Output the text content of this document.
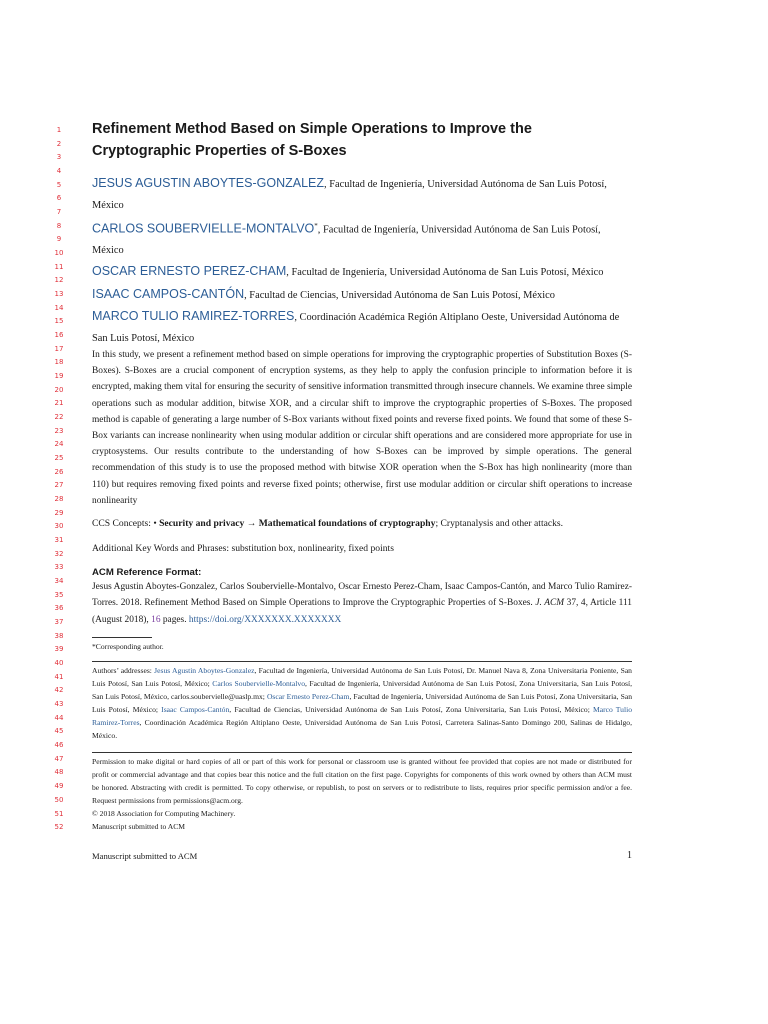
1
2
3
4
5
6
7
8
9
10
11
12
13
14
15
16
17
18
19
20
21
22
23
24
25
26
27
28
29
30
31
32
33
34
35
36
37
38
39
40
41
42
43
44
45
46
47
48
49
50
51
52
Refinement Method Based on Simple Operations to Improve the Cryptographic Properties of S-Boxes
JESUS AGUSTIN ABOYTES-GONZALEZ, Facultad de Ingeniería, Universidad Autónoma de San Luis Potosí, México
CARLOS SOUBERVIELLE-MONTALVO*, Facultad de Ingeniería, Universidad Autónoma de San Luis Potosí, México
OSCAR ERNESTO PEREZ-CHAM, Facultad de Ingeniería, Universidad Autónoma de San Luis Potosí, México
ISAAC CAMPOS-CANTÓN, Facultad de Ciencias, Universidad Autónoma de San Luis Potosí, México
MARCO TULIO RAMIREZ-TORRES, Coordinación Académica Región Altiplano Oeste, Universidad Autónoma de San Luis Potosí, México
In this study, we present a refinement method based on simple operations for improving the cryptographic properties of Substitution Boxes (S-Boxes). S-Boxes are a crucial component of encryption systems, as they help to apply the confusion principle to information before it is encrypted, making them vital for ensuring the security of sensitive information transmitted through insecure channels. We examine three simple operations such as modular addition, bitwise XOR, and a circular shift to improve the cryptographic properties of S-Boxes. The proposed method is capable of generating a large number of S-Box variants without fixed points and reverse fixed points. We found that some of these S-Box variants can increase nonlinearity when using modular addition or circular shift operations and are considered more appropriate for use in cryptosystems. Our results contribute to the understanding of how S-Boxes can be improved by simple operations. The general recommendation of this study is to use the proposed method with bitwise XOR operation when the S-Box has high nonlinearity (more than 110) but requires removing fixed points and reverse fixed points; otherwise, first use modular addition or circular shift operations to increase nonlinearity
CCS Concepts: • Security and privacy → Mathematical foundations of cryptography; Cryptanalysis and other attacks.
Additional Key Words and Phrases: substitution box, nonlinearity, fixed points
ACM Reference Format:
Jesus Agustin Aboytes-Gonzalez, Carlos Soubervielle-Montalvo, Oscar Ernesto Perez-Cham, Isaac Campos-Cantón, and Marco Tulio Ramirez-Torres. 2018. Refinement Method Based on Simple Operations to Improve the Cryptographic Properties of S-Boxes. J. ACM 37, 4, Article 111 (August 2018), 16 pages. https://doi.org/XXXXXXX.XXXXXXX
*Corresponding author.
Authors’ addresses: Jesus Agustin Aboytes-Gonzalez, Facultad de Ingeniería, Universidad Autónoma de San Luis Potosí, Dr. Manuel Nava 8, Zona Universitaria Poniente, San Luis Potosí, San Luis Potosí, México; Carlos Soubervielle-Montalvo, Facultad de Ingeniería, Universidad Autónoma de San Luis Potosí, Zona Universitaria, San Luis Potosí, San Luis Potosí, México, carlos.soubervielle@uaslp.mx; Oscar Ernesto Perez-Cham, Facultad de Ingeniería, Universidad Autónoma de San Luis Potosí, Zona Universitaria, San Luis Potosí, México; Isaac Campos-Cantón, Facultad de Ciencias, Universidad Autónoma de San Luis Potosí, Zona Universitaria, San Luis Potosí, México; Marco Tulio Ramirez-Torres, Coordinación Académica Región Altiplano Oeste, Universidad Autónoma de San Luis Potosí, Carretera Salinas-Santo Domingo 200, Salinas de Hidalgo, México.
Permission to make digital or hard copies of all or part of this work for personal or classroom use is granted without fee provided that copies are not made or distributed for profit or commercial advantage and that copies bear this notice and the full citation on the first page. Copyrights for components of this work owned by others than ACM must be honored. Abstracting with credit is permitted. To copy otherwise, or republish, to post on servers or to redistribute to lists, requires prior specific permission and/or a fee. Request permissions from permissions@acm.org.
© 2018 Association for Computing Machinery.
Manuscript submitted to ACM
Manuscript submitted to ACM	1
